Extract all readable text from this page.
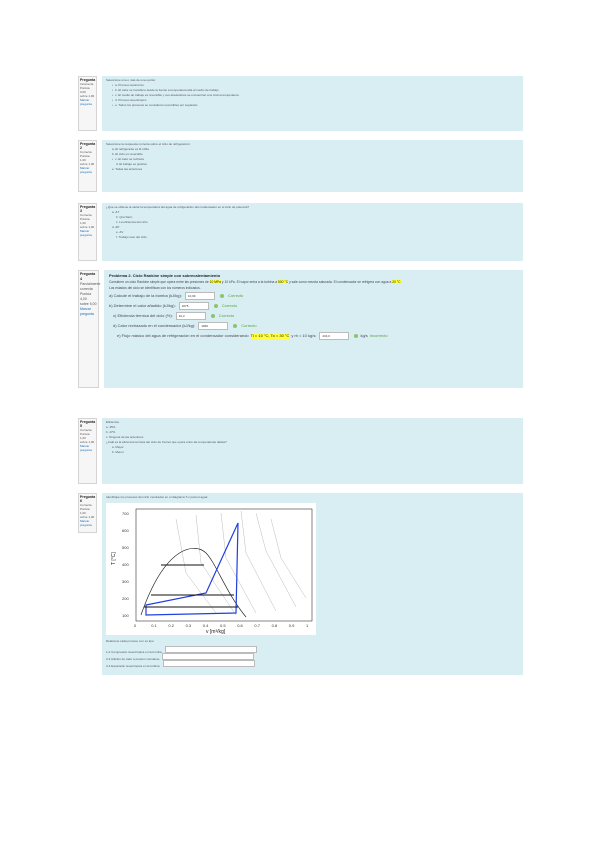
Pregunta
Incorrecta
Puntúa 0,00
sobre 1,00
Marcar
pregunta
Seleccione una o más de una opción:
• a. Proceso isotérmico
• b. El calor se transfiere desde la fuente a temperatura alta al medio de trabajo
• c. El medio de trabajo es reversible y sus alrededores se encuentran a la misma temperatura
• d. Proceso isoentrópico
• e. Todos los procesos se consideran reversibles por separado
Pregunta 2
Correcta
Puntúa 1,00
sobre 1,00
Marcar
pregunta
Seleccione la respuesta correcta sobre el ciclo de refrigeración:
a. El refrigerante es R-134a
b. El ciclo es reversible
• c. El calor se rechaza
d. El trabajo es positivo
e. Todas las anteriores
Pregunta 3
Correcta
Puntúa 1,00
sobre 1,00
Marcar
pregunta
¿Que se obtiene al variar la temperatura del agua de refrigeración del condensador en el ciclo de potencia?
a. ΔT
b. Qrechazo
c. La eficiencia del ciclo
d. ΔP
e. ΔV
f. Trabajo neto del ciclo
Pregunta 4
Parcialmente
correcta
Puntúa 4,00
sobre 5,00
Marcar
pregunta
Problema 2. Ciclo Rankine simple con sobrecalentamiento
Considere un ciclo Rankine simple que opera entre las presiones de 10 MPa y 10 kPa. El vapor entra a la turbina a 500 °C y sale como mezcla saturada. El condensador se refrigera con agua a 20 °C
Los estados del ciclo se identifican con los números indicados.
a) Calcule el trabajo de la bomba (kJ/kg):	10,09	Correcto
b) Determine el calor añadido (kJ/kg):	3275	Correcto
c) Eficiencia térmica del ciclo (%):	40,2	Correcto
d) Calor rechazado en el condensador (kJ/kg):	1960	Correcto
e) Flujo másico del agua de refrigeración en el condensador considerando Ti = 10 °C, To = 30 °C y ṁ = 10 kg/s:	234,0	kg/s Incorrecto
Pregunta 5
Correcta
Puntúa 1,00
sobre 1,00
Marcar
pregunta
Eficiencia
a. 45%
b. 47%
c. Ninguna de las anteriores
¿Cuál es la eficiencia térmica del ciclo de Carnot que opera entre las temperaturas dadas?
a. Mayor
b. Menor
Pregunta 6
Correcta
Puntúa 1,00
sobre 1,00
Marcar
pregunta
Identifique los procesos del ciclo mostrados en el diagrama T-v para el agua:
T [°C]
v [m³/kg]
700
600
500
400
300
200
100
0	0.1	0.2	0.3	0.4	0.5	0.6	0.7	0.8	0.9	1
Relacione cada proceso con su tipo:
1-2 Compresión isoentrópica en la bomba
2-3 Adición de calor a presión constante
3-4 Expansión isoentrópica en la turbina
